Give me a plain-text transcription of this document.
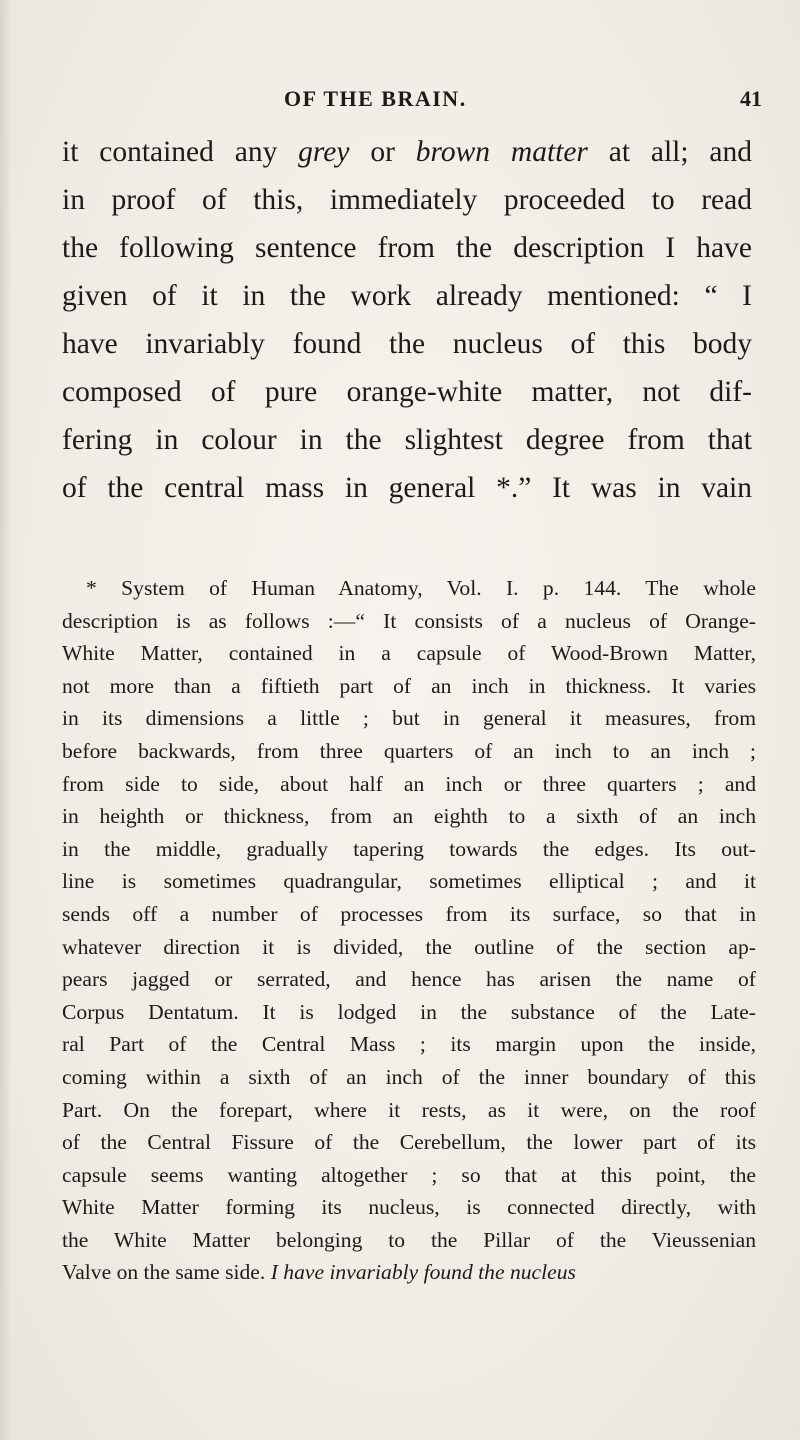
OF THE BRAIN.	41
it contained any grey or brown matter at all; and
in proof of this, immediately proceeded to read
the following sentence from the description I have
given of it in the work already mentioned: “ I
have invariably found the nucleus of this body
composed of pure orange-white matter, not dif-
fering in colour in the slightest degree from that
of the central mass in general *.” It was in vain
* System of Human Anatomy, Vol. I. p. 144. The whole
description is as follows :—“ It consists of a nucleus of Orange-
White Matter, contained in a capsule of Wood-Brown Matter,
not more than a fiftieth part of an inch in thickness. It varies
in its dimensions a little ; but in general it measures, from
before backwards, from three quarters of an inch to an inch ;
from side to side, about half an inch or three quarters ; and
in heighth or thickness, from an eighth to a sixth of an inch
in the middle, gradually tapering towards the edges. Its out-
line is sometimes quadrangular, sometimes elliptical ; and it
sends off a number of processes from its surface, so that in
whatever direction it is divided, the outline of the section ap-
pears jagged or serrated, and hence has arisen the name of
Corpus Dentatum. It is lodged in the substance of the Late-
ral Part of the Central Mass ; its margin upon the inside,
coming within a sixth of an inch of the inner boundary of this
Part. On the forepart, where it rests, as it were, on the roof
of the Central Fissure of the Cerebellum, the lower part of its
capsule seems wanting altogether ; so that at this point, the
White Matter forming its nucleus, is connected directly, with
the White Matter belonging to the Pillar of the Vieussenian
Valve on the same side. I have invariably found the nucleus
